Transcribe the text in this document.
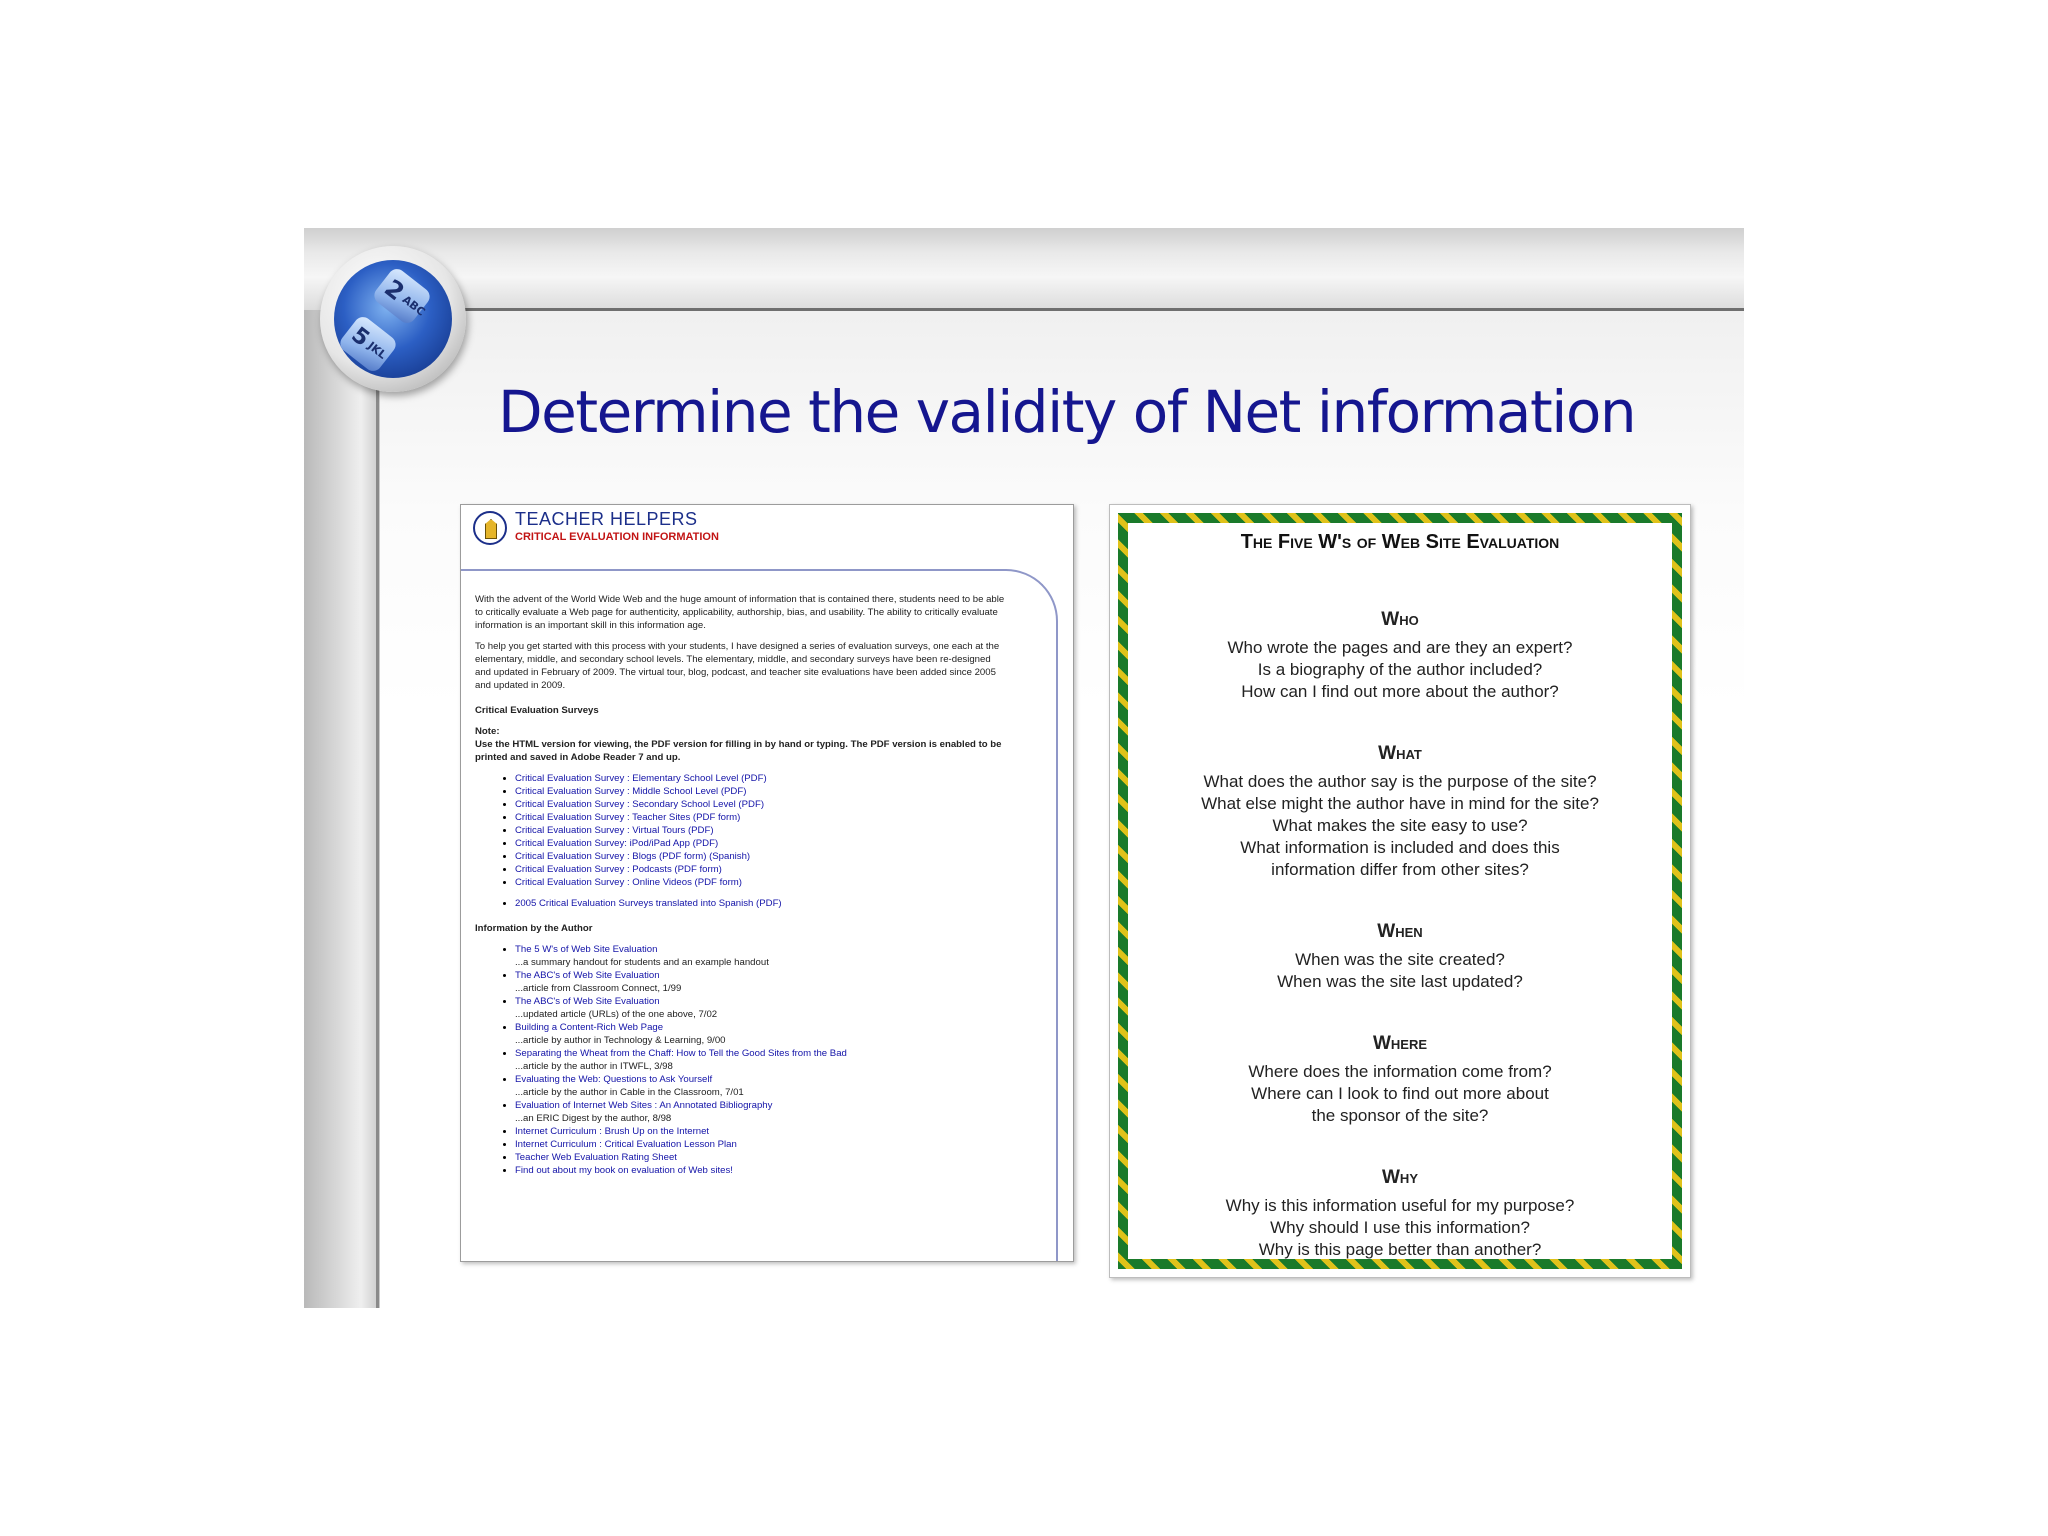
2ABC
5JKL
Determine the validity of Net information
TEACHER HELPERS
CRITICAL EVALUATION INFORMATION

With the advent of the World Wide Web and the huge amount of information that is contained there, students need to be able to critically evaluate a Web page for authenticity, applicability, authorship, bias, and usability. The ability to critically evaluate information is an important skill in this information age.

To help you get started with this process with your students, I have designed a series of evaluation surveys, one each at the elementary, middle, and secondary school levels. The elementary, middle, and secondary surveys have been re-designed and updated in February of 2009. The virtual tour, blog, podcast, and teacher site evaluations have been added since 2005 and updated in 2009.

Critical Evaluation Surveys
Note:
Use the HTML version for viewing, the PDF version for filling in by hand or typing. The PDF version is enabled to be printed and saved in Adobe Reader 7 and up.
• Critical Evaluation Survey : Elementary School Level (PDF)
• Critical Evaluation Survey : Middle School Level (PDF)
• Critical Evaluation Survey : Secondary School Level (PDF)
• Critical Evaluation Survey : Teacher Sites (PDF form)
• Critical Evaluation Survey : Virtual Tours (PDF)
• Critical Evaluation Survey: iPod/iPad App (PDF)
• Critical Evaluation Survey : Blogs (PDF form) (Spanish)
• Critical Evaluation Survey : Podcasts (PDF form)
• Critical Evaluation Survey : Online Videos (PDF form)
• 2005 Critical Evaluation Surveys translated into Spanish (PDF)
Information by the Author
• The 5 W's of Web Site Evaluation
...a summary handout for students and an example handout
• The ABC's of Web Site Evaluation
...article from Classroom Connect, 1/99
• The ABC's of Web Site Evaluation
...updated article (URLs) of the one above, 7/02
• Building a Content-Rich Web Page
...article by author in Technology & Learning, 9/00
• Separating the Wheat from the Chaff: How to Tell the Good Sites from the Bad
...article by the author in ITWFL, 3/98
• Evaluating the Web: Questions to Ask Yourself
...article by the author in Cable in the Classroom, 7/01
• Evaluation of Internet Web Sites : An Annotated Bibliography
...an ERIC Digest by the author, 8/98
• Internet Curriculum : Brush Up on the Internet
• Internet Curriculum : Critical Evaluation Lesson Plan
• Teacher Web Evaluation Rating Sheet
• Find out about my book on evaluation of Web sites!
The Five W's of Web Site Evaluation
Who
Who wrote the pages and are they an expert?
Is a biography of the author included?
How can I find out more about the author?
What
What does the author say is the purpose of the site?
What else might the author have in mind for the site?
What makes the site easy to use?
What information is included and does this
information differ from other sites?
When
When was the site created?
When was the site last updated?
Where
Where does the information come from?
Where can I look to find out more about
the sponsor of the site?
Why
Why is this information useful for my purpose?
Why should I use this information?
Why is this page better than another?
